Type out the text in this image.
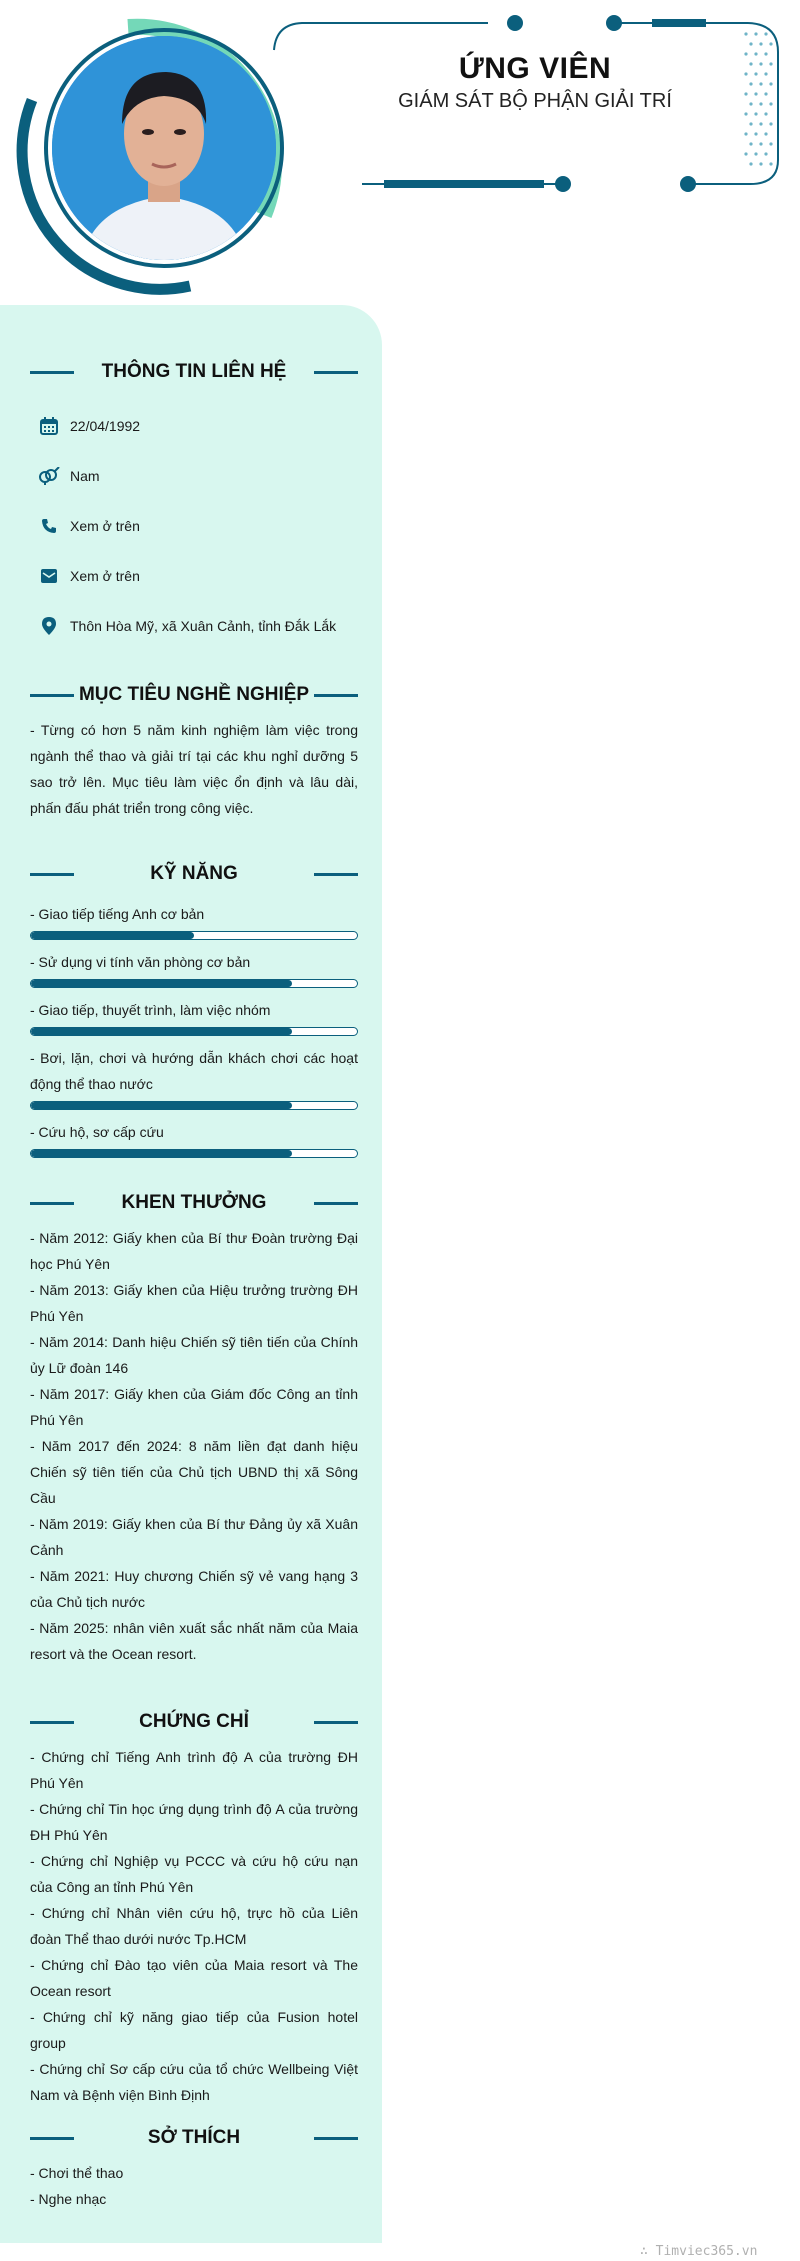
ỨNG VIÊN
GIÁM SÁT BỘ PHẬN GIẢI TRÍ
THÔNG TIN LIÊN HỆ
22/04/1992
Nam
Xem ở trên
Xem ở trên
Thôn Hòa Mỹ, xã Xuân Cảnh, tỉnh Đắk Lắk
MỤC TIÊU NGHỀ NGHIỆP
- Từng có hơn 5 năm kinh nghiệm làm việc trong ngành thể thao và giải trí tại các khu nghỉ dưỡng 5 sao trở lên. Mục tiêu làm việc ổn định và lâu dài, phấn đấu phát triển trong công việc.
KỸ NĂNG
- Giao tiếp tiếng Anh cơ bản
- Sử dụng vi tính văn phòng cơ bản
- Giao tiếp, thuyết trình, làm việc nhóm
- Bơi, lặn, chơi và hướng dẫn khách chơi các hoạt động thể thao nước
- Cứu hộ, sơ cấp cứu
KHEN THƯỞNG
- Năm 2012: Giấy khen của Bí thư Đoàn trường Đại học Phú Yên
- Năm 2013: Giấy khen của Hiệu trưởng trường ĐH Phú Yên
- Năm 2014: Danh hiệu Chiến sỹ tiên tiến của Chính ủy Lữ đoàn 146
- Năm 2017: Giấy khen của Giám đốc Công an tỉnh Phú Yên
- Năm 2017 đến 2024: 8 năm liền đạt danh hiệu Chiến sỹ tiên tiến của Chủ tịch UBND thị xã Sông Cầu
- Năm 2019: Giấy khen của Bí thư Đảng ủy xã Xuân Cảnh
- Năm 2021: Huy chương Chiến sỹ vẻ vang hạng 3 của Chủ tịch nước
- Năm 2025: nhân viên xuất sắc nhất năm của Maia resort và the Ocean resort.
CHỨNG CHỈ
- Chứng chỉ Tiếng Anh trình độ A của trường ĐH Phú Yên
- Chứng chỉ Tin học ứng dụng trình độ A của trường ĐH Phú Yên
- Chứng chỉ Nghiệp vụ PCCC và cứu hộ cứu nạn của Công an tỉnh Phú Yên
- Chứng chỉ Nhân viên cứu hộ, trực hồ của Liên đoàn Thể thao dưới nước Tp.HCM
- Chứng chỉ Đào tạo viên của Maia resort và The Ocean resort
- Chứng chỉ kỹ năng giao tiếp của Fusion hotel group
- Chứng chỉ Sơ cấp cứu của tổ chức Wellbeing Việt Nam và Bệnh viện Bình Định
SỞ THÍCH
- Chơi thể thao
- Nghe nhạc
∴ Timviec365.vn
